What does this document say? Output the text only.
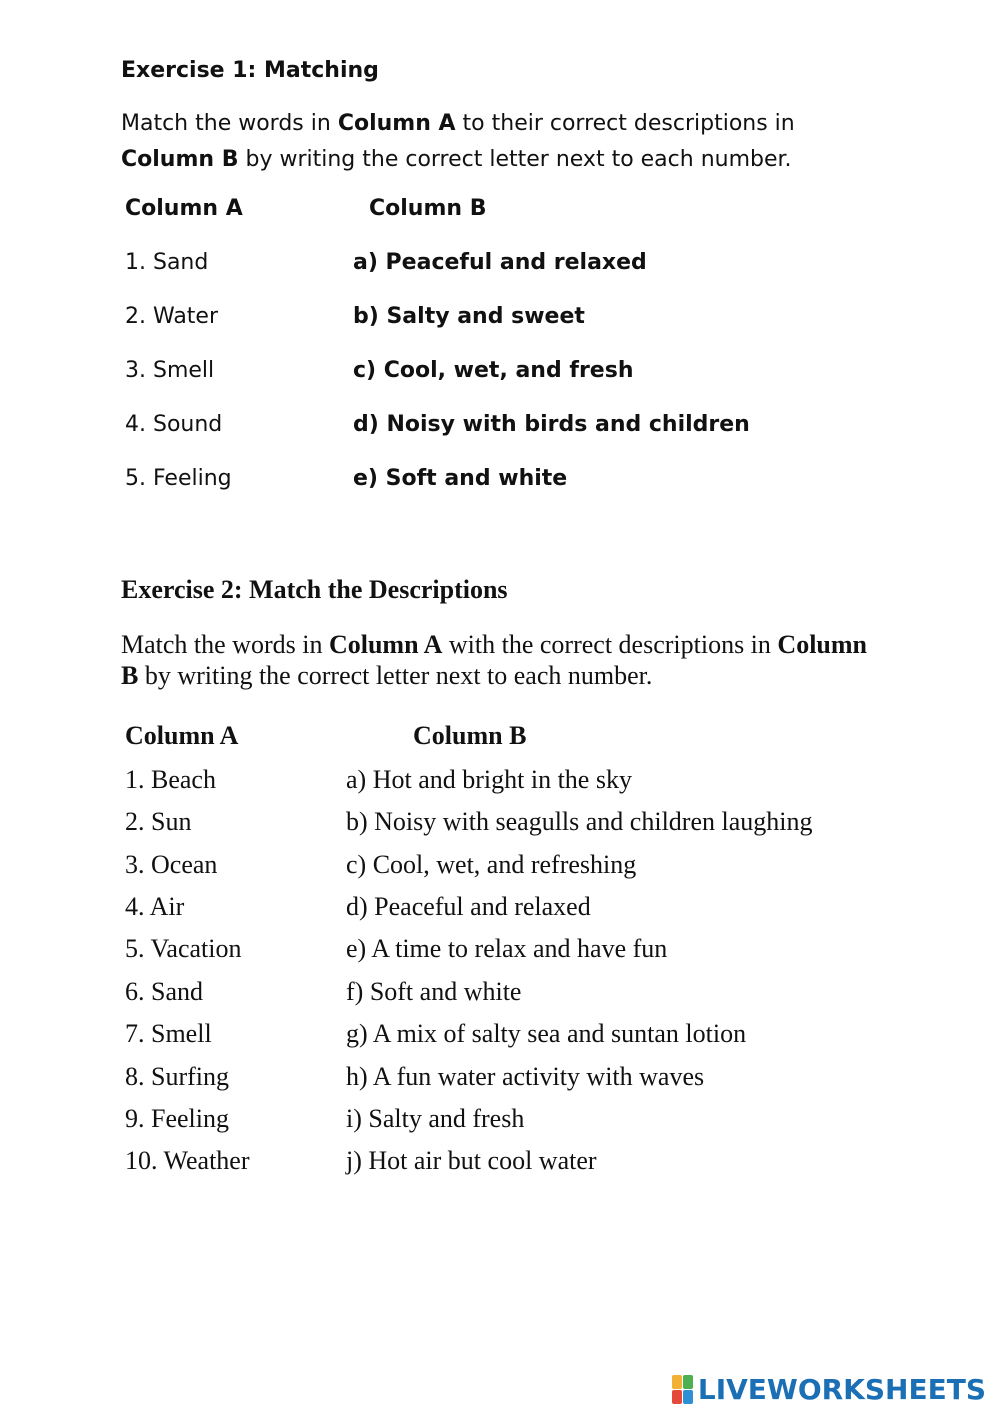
Exercise 1: Matching
Match the words in Column A to their correct descriptions in Column B by writing the correct letter next to each number.
Column A	Column B
1. Sand	a) Peaceful and relaxed
2. Water	b) Salty and sweet
3. Smell	c) Cool, wet, and fresh
4. Sound	d) Noisy with birds and children
5. Feeling	e) Soft and white
Exercise 2: Match the Descriptions
Match the words in Column A with the correct descriptions in Column B by writing the correct letter next to each number.
Column A	Column B
1. Beach	a) Hot and bright in the sky
2. Sun	b) Noisy with seagulls and children laughing
3. Ocean	c) Cool, wet, and refreshing
4. Air	d) Peaceful and relaxed
5. Vacation	e) A time to relax and have fun
6. Sand	f) Soft and white
7. Smell	g) A mix of salty sea and suntan lotion
8. Surfing	h) A fun water activity with waves
9. Feeling	i) Salty and fresh
10. Weather	j) Hot air but cool water
LIVEWORKSHEETS
